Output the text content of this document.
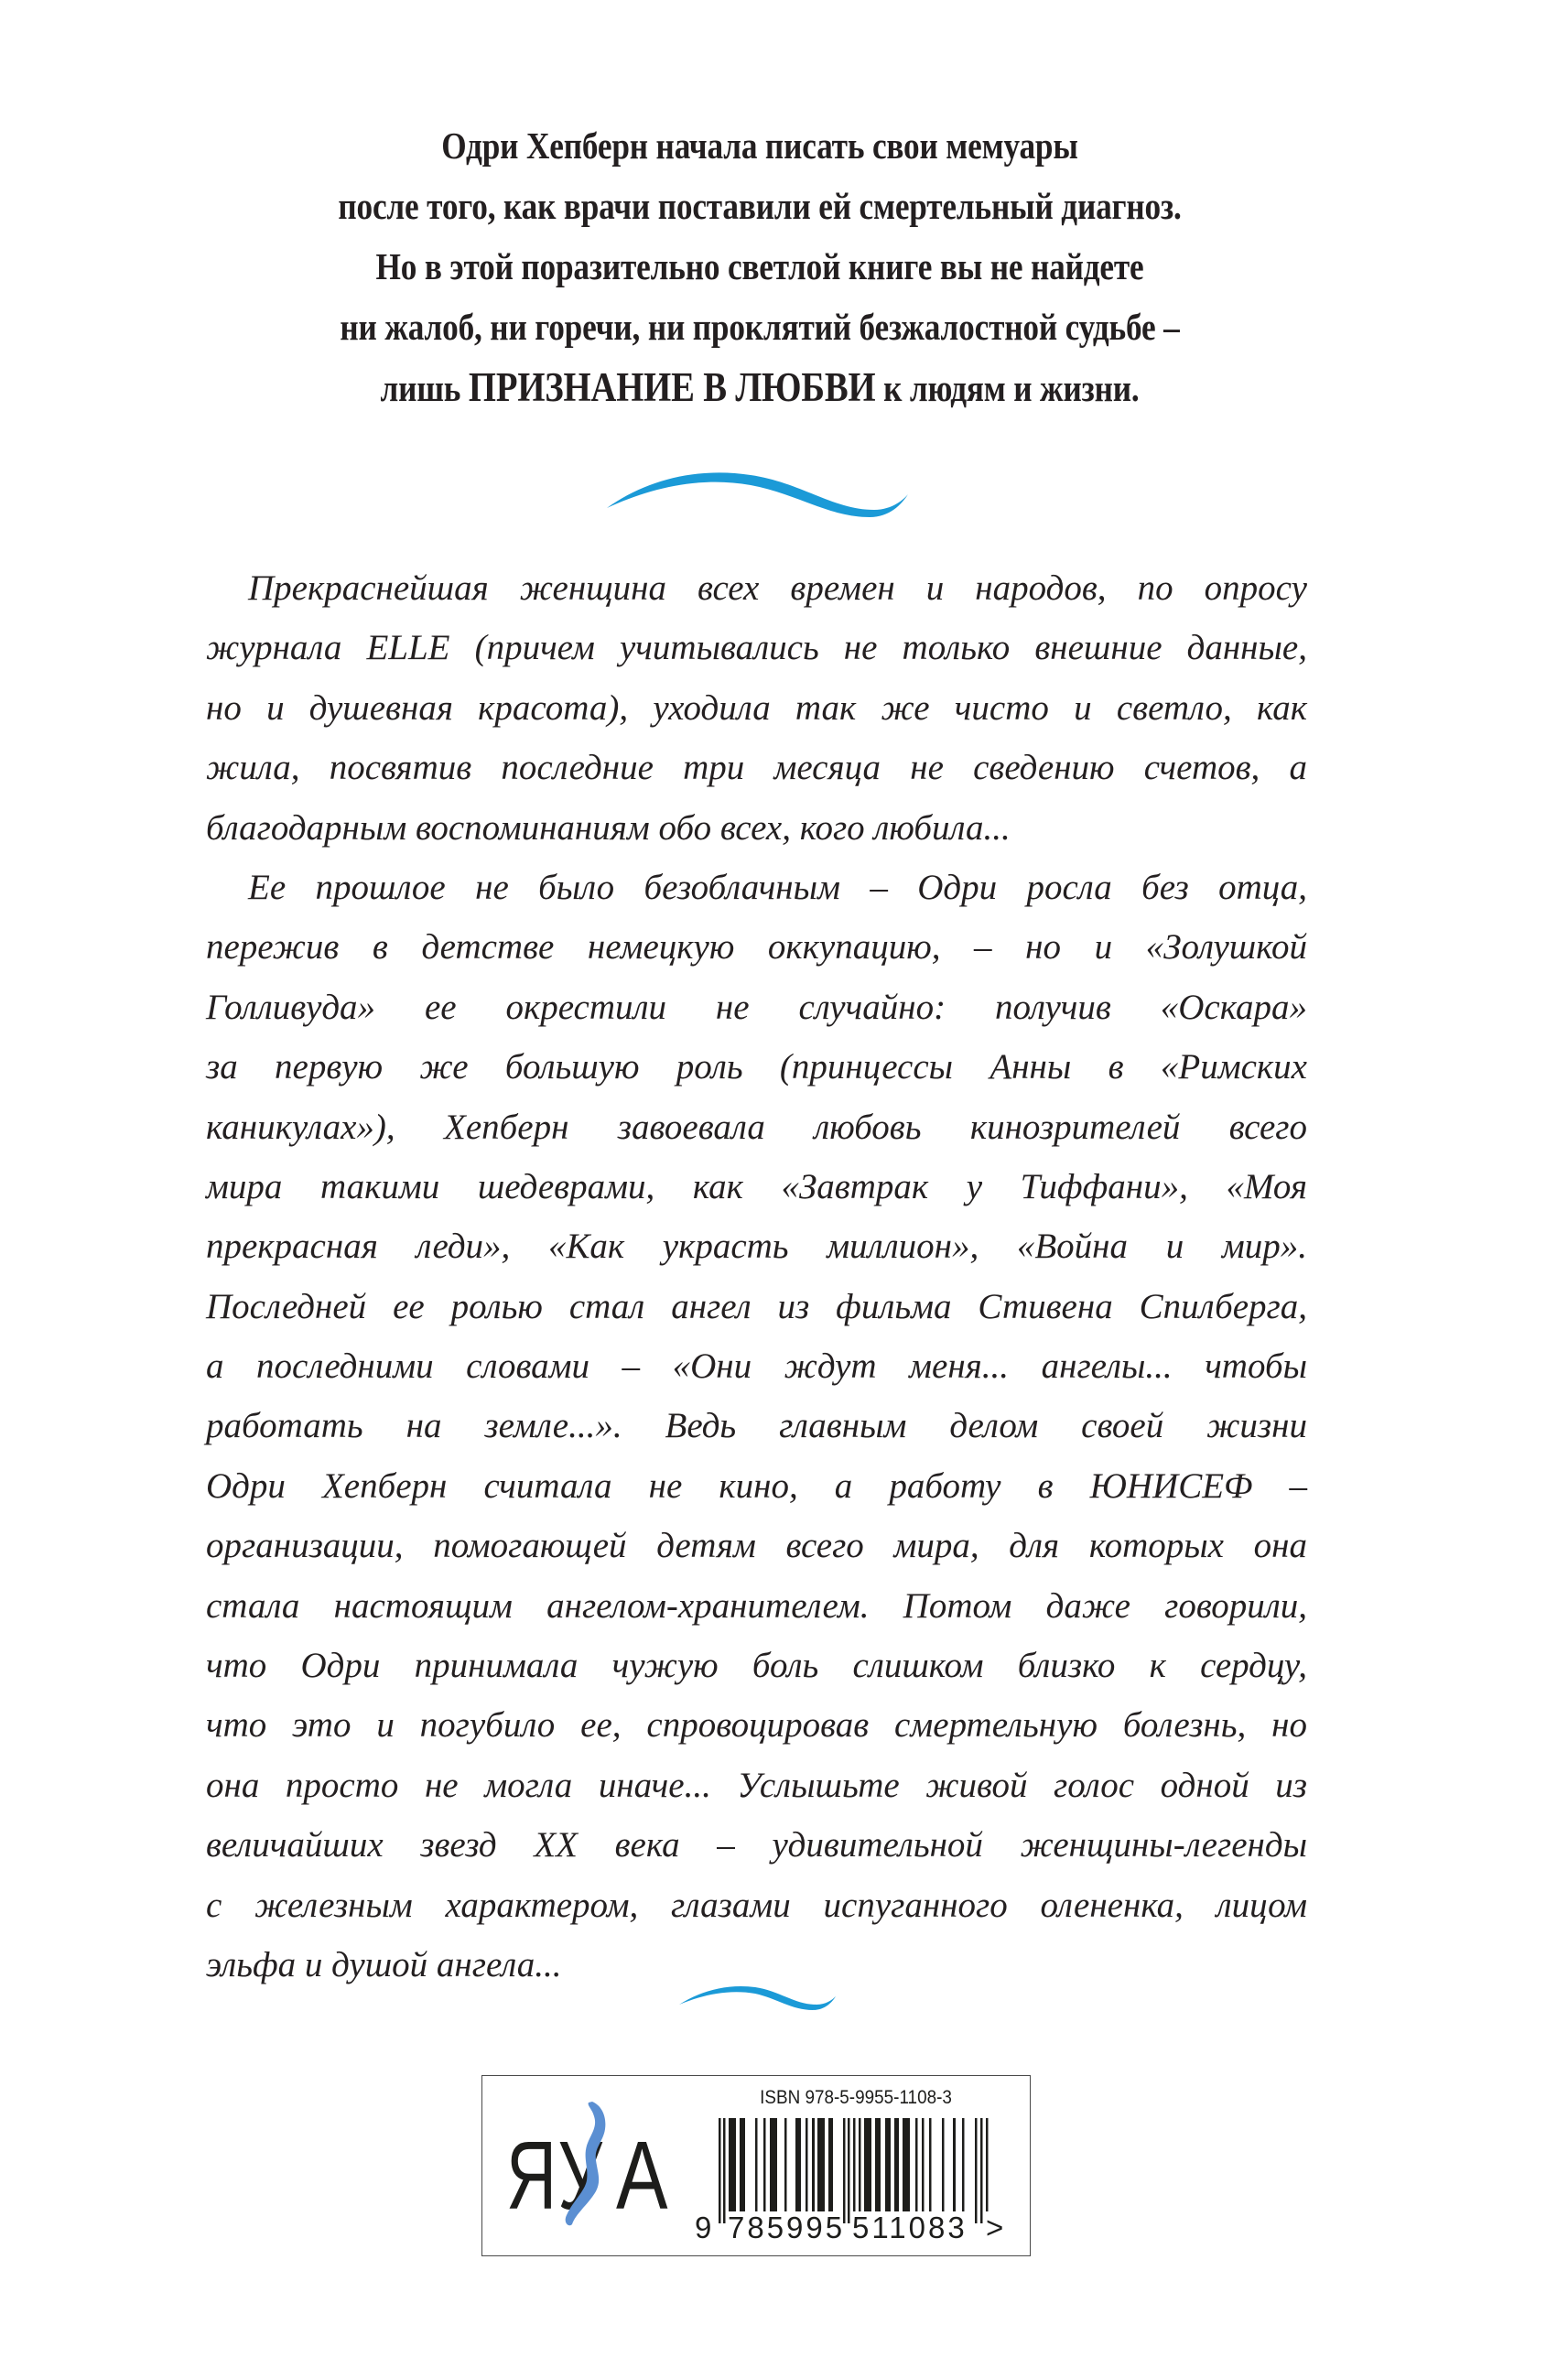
Одри Хепберн начала писать свои мемуары
после того, как врачи поставили ей смертельный диагноз.
Но в этой поразительно светлой книге вы не найдете
ни жалоб, ни горечи, ни проклятий безжалостной судьбе –
лишь ПРИЗНАНИЕ В ЛЮБВИ к людям и жизни.
Прекраснейшая женщина всех времен и народов, по опросу
журнала ELLE (причем учитывались не только внешние данные,
но и душевная красота), уходила так же чисто и светло, как
жила, посвятив последние три месяца не сведению счетов, а
благодарным воспоминаниям обо всех, кого любила...
Ее прошлое не было безоблачным – Одри росла без отца,
пережив в детстве немецкую оккупацию, – но и «Золушкой
Голливуда» ее окрестили не случайно: получив «Оскара»
за первую же большую роль (принцессы Анны в «Римских
каникулах»), Хепберн завоевала любовь кинозрителей всего
мира такими шедеврами, как «Завтрак у Тиффани», «Моя
прекрасная леди», «Как украсть миллион», «Война и мир».
Последней ее ролью стал ангел из фильма Стивена Спилберга,
а последними словами – «Они ждут меня... ангелы... чтобы
работать на земле...». Ведь главным делом своей жизни
Одри Хепберн считала не кино, а работу в ЮНИСЕФ –
организации, помогающей детям всего мира, для которых она
стала настоящим ангелом-хранителем. Потом даже говорили,
что Одри принимала чужую боль слишком близко к сердцу,
что это и погубило ее, спровоцировав смертельную болезнь, но
она просто не могла иначе... Услышьте живой голос одной из
величайших звезд XX века – удивительной женщины-легенды
с железным характером, глазами испуганного олененка, лицом
эльфа и душой ангела...
ЯУ А
ISBN 978-5-9955-1108-3
9 785995 511083 >
